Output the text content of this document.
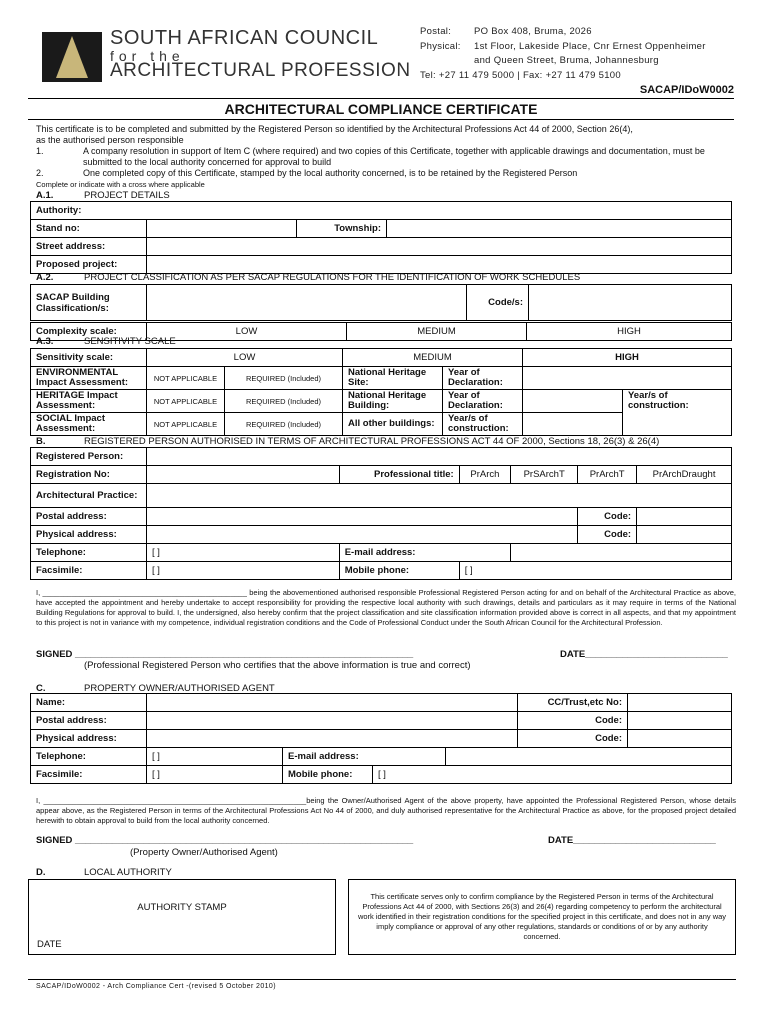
SOUTH AFRICAN COUNCIL
for the
ARCHITECTURAL PROFESSION
Postal:	PO Box 408, Bruma, 2026
Physical:	1st Floor, Lakeside Place, Cnr Ernest Oppenheimer
	and Queen Street, Bruma, Johannesburg
Tel: +27 11 479 5000 | Fax: +27 11 479 5100	
SACAP/IDoW0002
ARCHITECTURAL COMPLIANCE CERTIFICATE
This certificate is to be completed and submitted by the Registered Person so identified by the Architectural Professions Act 44 of 2000, Section 26(4),
as the authorised person responsible
1.	A company resolution in support of Item C (where required) and two copies of this Certificate, together with applicable drawings and documentation, must be submitted to the local authority concerned for approval to build
2.	One completed copy of this Certificate, stamped by the local authority concerned, is to be retained by the Registered Person
Complete or indicate with a cross where applicable
A.1.	PROJECT DETAILS
Authority:			
Stand no:		Township:	
Street address:			
Proposed project:			
A.2.	PROJECT CLASSIFICATION AS PER SACAP REGULATIONS FOR THE IDENTIFICATION OF WORK SCHEDULES
SACAP Building Classification/s:		Code/s:	
Complexity scale:	LOW	MEDIUM	HIGH
A.3.	SENSITIVITY SCALE
Sensitivity scale:	LOW		MEDIUM		HIGH	
ENVIRONMENTAL Impact Assessment:	NOT APPLICABLE	REQUIRED (Included)	National Heritage Site:	Year of Declaration:		
HERITAGE Impact Assessment:	NOT APPLICABLE	REQUIRED (Included)	National Heritage Building:	Year of Declaration:		Year/s of construction:
SOCIAL Impact Assessment:	NOT APPLICABLE	REQUIRED (Included)	All other buildings:	Year/s of construction:		
B.	REGISTERED PERSON AUTHORISED IN TERMS OF ARCHITECTURAL PROFESSIONS ACT 44 OF 2000, Sections 18, 26(3) & 26(4)
Registered Person:						
Registration No:		Professional title:	PrArch	PrSArchT	PrArchT	PrArchDraught
Architectural Practice:						
Postal address:					Code:	
Physical address:					Code:	
Telephone:	[ ]	E-mail address:				
Facsimile:	[ ]	Mobile phone:	[ ]			
I, _________________________________________________ being the abovementioned authorised responsible Professional Registered Person acting for and on behalf of the Architectural Practice as above, have accepted the appointment and hereby undertake to accept responsibility for providing the respective local authority with such drawings, details and particulars as it may require in terms of the National Building Regulations for approval to build. I, the undersigned, also hereby confirm that the project classification and site classification information provided above is correct in all aspects, and that my appointment to this project is not in variance with my competence, individual registration conditions and the Code of Professional Conduct under the South African Council for the Architectural Profession.
SIGNED ________________________________________________________________	DATE___________________________
(Professional Registered Person who certifies that the above information is true and correct)
C.	PROPERTY OWNER/AUTHORISED AGENT
Name:					CC/Trust,etc No:	
Postal address:					Code:	
Physical address:					Code:	
Telephone:	[ ]	E-mail address:				
Facsimile:	[ ]	Mobile phone:	[ ]			
I, _______________________________________________________________being the Owner/Authorised Agent of the above property, have appointed the Professional Registered Person, whose details appear above, as the Registered Person in terms of the Architectural Professions Act No 44 of 2000, and duly authorised representative for the Architectural Practice as above, for the proposed project detailed herewith to obtain approval to build from the local authority concerned.
SIGNED ________________________________________________________________	DATE___________________________
(Property Owner/Authorised Agent)
D.	LOCAL AUTHORITY
AUTHORITY STAMP
DATE
This certificate serves only to confirm compliance by the Registered Person in terms of the Architectural Professions Act 44 of 2000, with Sections 26(3) and 26(4) regarding competency to perform the architectural work identified in their registration conditions for the specified project in this certificate, and does not in any way imply compliance or approval of any other regulations, standards or conditions of or by any authority concerned.
SACAP/IDoW0002 - Arch Compliance Cert -(revised 5 October 2010)
